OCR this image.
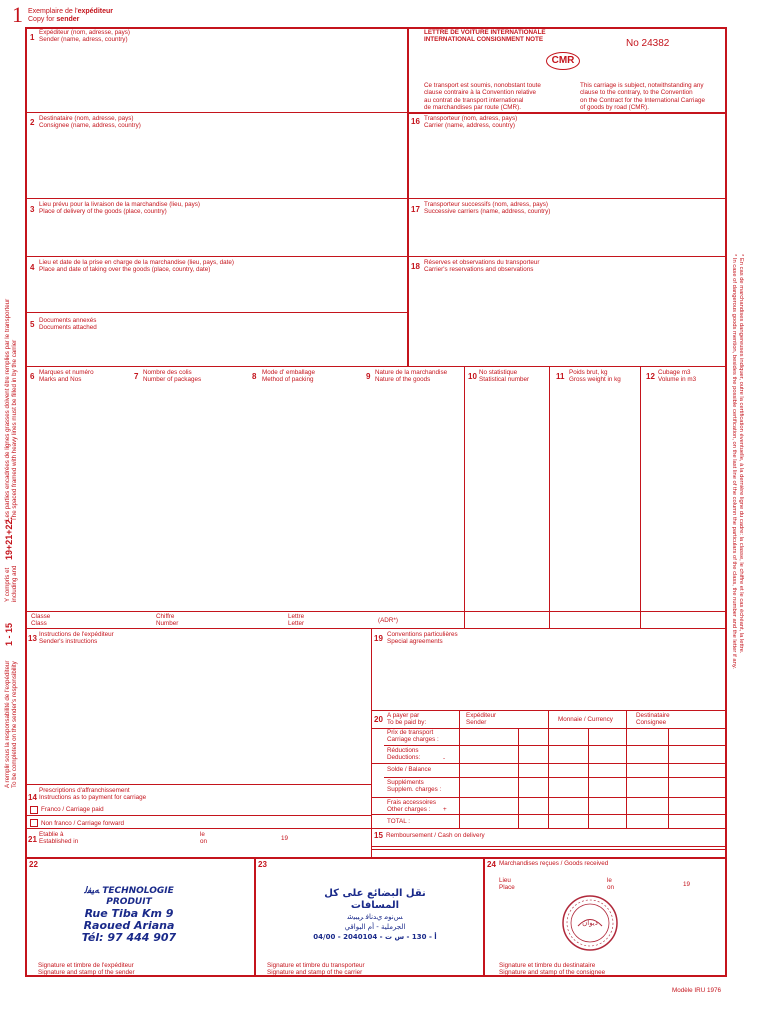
1 Exemplaire de l'expéditeur
Copy for sender
1
Expéditeur (nom, adresse, pays)
Sender (name, adress, country)
LETTRE DE VOITURE INTERNATIONALE
INTERNATIONAL CONSIGNMENT NOTE
CMR
No 24382
Ce transport est soumis, nonobstant toute
clause contraire à la Convention relative
au contrat de transport international
de marchandises par route (CMR).
This carriage is subject, notwithstanding any
clause to the contrary, to the Convention
on the Contract for the International Carriage
of goods by road (CMR).
2 Destinataire (nom, adresse, pays)
Consignee (name, address, country)	16 Transporteur (nom, adress, pays)
Carrier (name, address, country)
3
Lieu prévu pour la livraison de la marchandise (lieu, pays)
Place of delivery of the goods (place, country)	17
Transporteur successifs (nom, adress, pays)
Successive carriers (name, address, country)
4
Lieu et date de la prise en charge de la marchandise (lieu, pays, date)
Place and date of taking over the goods (place, country, date)	18 Réserves et observations du transporteur
Carrier's reservations and observations
5 Documents annexés
Documents attached
6 Marques et numéro
Marks and Nos	7 Nombre des colis
Number of packages	8 Mode d' emballage
Method of packing	9 Nature de la marchandise
Nature of the goods	10 No statistique
Statistical number	11 Poids brut, kg
Gross weight in kg	12 Cubage m3
Volume in m3
Classe
Class
Chiffre
Number
Lettre
Letter	(ADR*)
13 Instructions de l'expéditeur
Sender's instructions	19 Conventions particulières
Special agreements
20 A payer par
To be paid by:
Expéditeur
Sender	Monnaie / Currency
Destinataire
Consignee
Prix de transport
Carriage charges :
Réductions
Deductions:	-
Solde / Balance
Suppléments
Supplem. charges :
Frais accessoires
Other charges :	+
TOTAL :
14
Prescriptions d'affranchissement
Instructions as to payment for carriage
Franco / Carriage paid
Non franco / Carriage forward
21
Etablie à
Established in
le
on	19	15 Remboursement / Cash on delivery
22
ﻪﻴﻔﻟ TECHNOLOGIE PRODUIT
Rue Tiba Km 9
Raoued Ariana
Tél: 97 444 907
Signature et timbre de l'expéditeur
Signature and stamp of the sender
23
نقل البضائع على كل المسافات
ﺲﻧﻮﻣ ﻱﺪﻧﺎﻓ ﺮﻴﺒﻴﺷ
الجرملية - أم البواقي
04/00 - 2040104 - أ - 130 - س ت
Signature et timbre du transporteur
Signature and stamp of the carrier
24 Marchandises reçues / Goods received
Lieu
Place
le
on	19
ديوان
Signature et timbre du destinataire
Signature and stamp of the consignee
A remplir sous la responsabilité de l'expéditeur
To be completed on the sender's responsibility
1 - 15
Y compris et
including and
19+21+22.
Les parties encadrées de lignes grasses doivent être remplies par le transporteur
The spaced framed with heavy lines must be filled in by the carrier	* En cas de marchandises dangereuses indiquer, outre la certification éventuelle, à la dernière ligne du cadre: la classe, le chiffre et le cas échéant, la lettre.
* In case of dangerous goods mention, besides the possible certification, on the last line of the column the particulars of the class, the number and the letter if any.
Modèle IRU 1976
